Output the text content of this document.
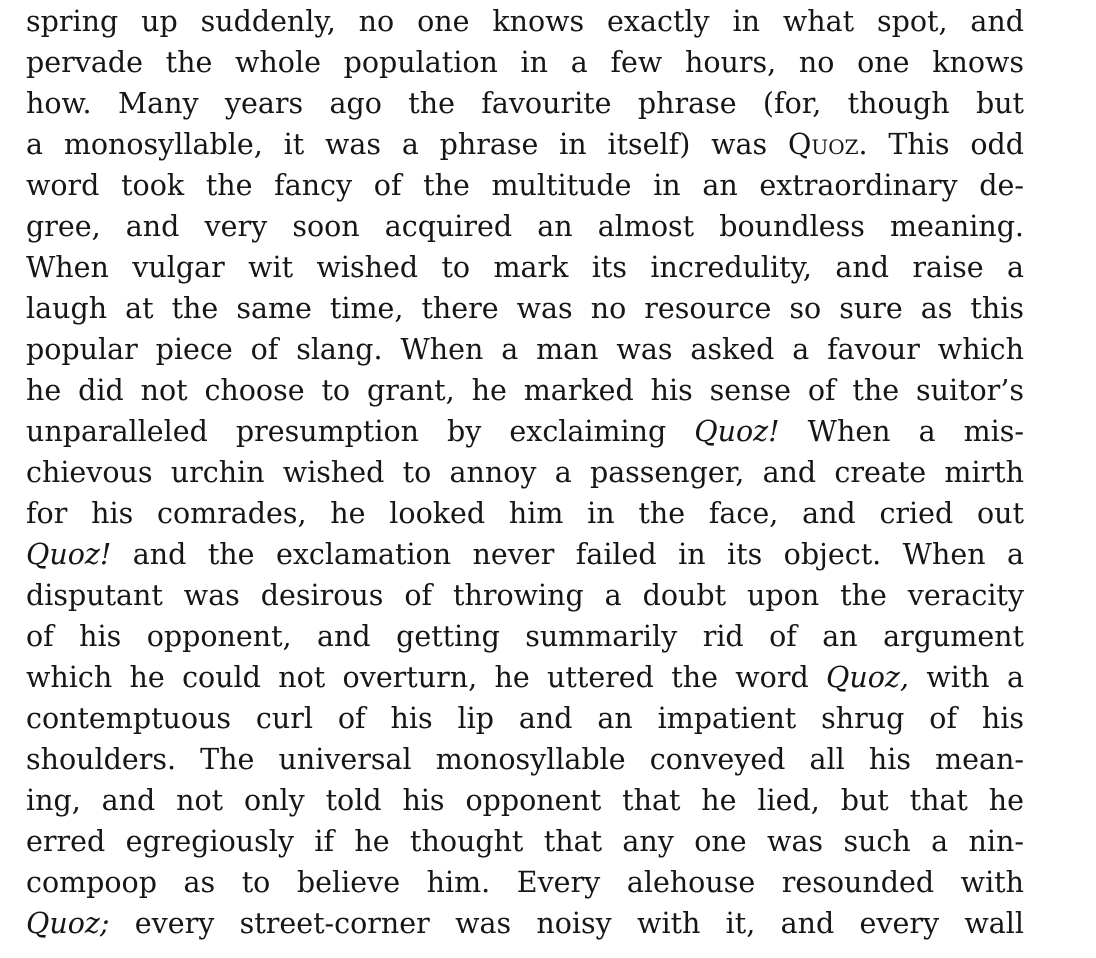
spring up suddenly, no one knows exactly in what spot, and
pervade the whole population in a few hours, no one knows
how. Many years ago the favourite phrase (for, though but
a monosyllable, it was a phrase in itself) was Quoz. This odd
word took the fancy of the multitude in an extraordinary de-
gree, and very soon acquired an almost boundless meaning.
When vulgar wit wished to mark its incredulity, and raise a
laugh at the same time, there was no resource so sure as this
popular piece of slang. When a man was asked a favour which
he did not choose to grant, he marked his sense of the suitor’s
unparalleled presumption by exclaiming Quoz! When a mis-
chievous urchin wished to annoy a passenger, and create mirth
for his comrades, he looked him in the face, and cried out
Quoz! and the exclamation never failed in its object. When a
disputant was desirous of throwing a doubt upon the veracity
of his opponent, and getting summarily rid of an argument
which he could not overturn, he uttered the word Quoz, with a
contemptuous curl of his lip and an impatient shrug of his
shoulders. The universal monosyllable conveyed all his mean-
ing, and not only told his opponent that he lied, but that he
erred egregiously if he thought that any one was such a nin-
compoop as to believe him. Every alehouse resounded with
Quoz; every street-corner was noisy with it, and every wall
